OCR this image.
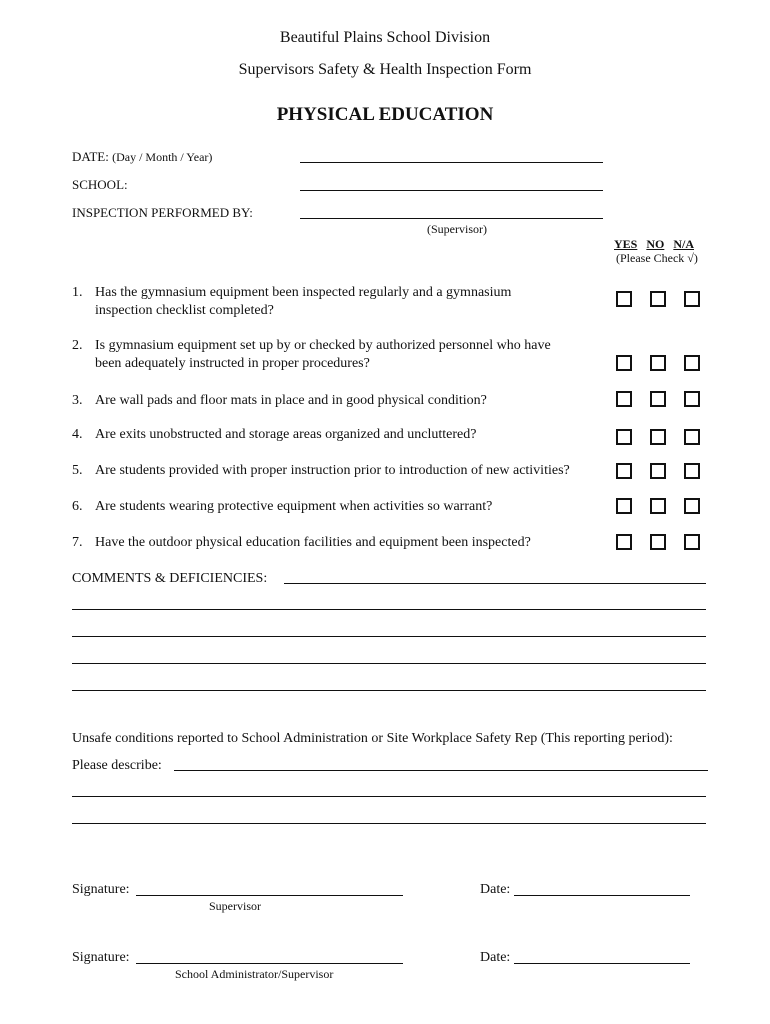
Beautiful Plains School Division
Supervisors Safety & Health Inspection Form
PHYSICAL EDUCATION
DATE: (Day / Month / Year)
SCHOOL:
INSPECTION PERFORMED BY:
(Supervisor)
YES NO N/A
(Please Check √)
1. Has the gymnasium equipment been inspected regularly and a gymnasium
inspection checklist completed?
2. Is gymnasium equipment set up by or checked by authorized personnel who have
been adequately instructed in proper procedures?
3. Are wall pads and floor mats in place and in good physical condition?
4. Are exits unobstructed and storage areas organized and uncluttered?
5. Are students provided with proper instruction prior to introduction of new activities?
6. Are students wearing protective equipment when activities so warrant?
7. Have the outdoor physical education facilities and equipment been inspected?
COMMENTS & DEFICIENCIES:
Unsafe conditions reported to School Administration or Site Workplace Safety Rep (This reporting period):
Please describe:
Signature:
Supervisor
Date:
Signature:
School Administrator/Supervisor
Date:
